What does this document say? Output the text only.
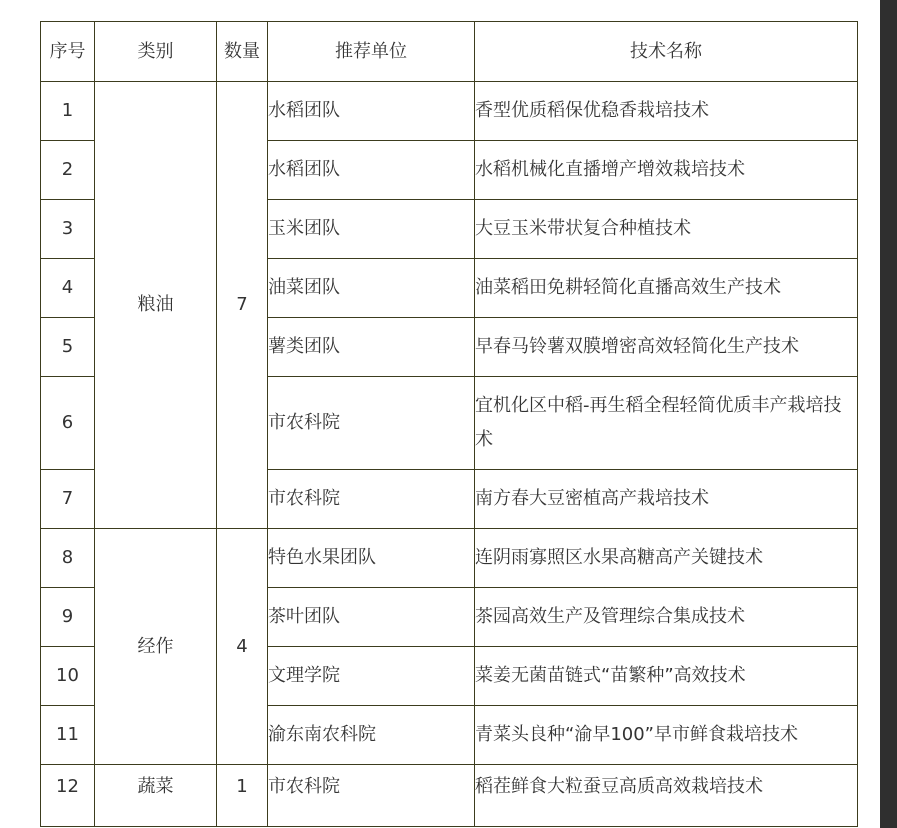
序号	类别	数量	推荐单位	技术名称
1	粮油	7	水稻团队	香型优质稻保优稳香栽培技术
2			水稻团队	水稻机械化直播增产增效栽培技术
3			玉米团队	大豆玉米带状复合种植技术
4			油菜团队	油菜稻田免耕轻简化直播高效生产技术
5			薯类团队	早春马铃薯双膜增密高效轻简化生产技术
6			市农科院	宜机化区中稻-再生稻全程轻简优质丰产栽培技术
7			市农科院	南方春大豆密植高产栽培技术
8	经作	4	特色水果团队	连阴雨寡照区水果高糖高产关键技术
9			茶叶团队	茶园高效生产及管理综合集成技术
10			文理学院	菜姜无菌苗链式“苗繁种”高效技术
11			渝东南农科院	青菜头良种“渝早100”早市鲜食栽培技术
12	蔬菜	1	市农科院	稻茬鲜食大粒蚕豆高质高效栽培技术
